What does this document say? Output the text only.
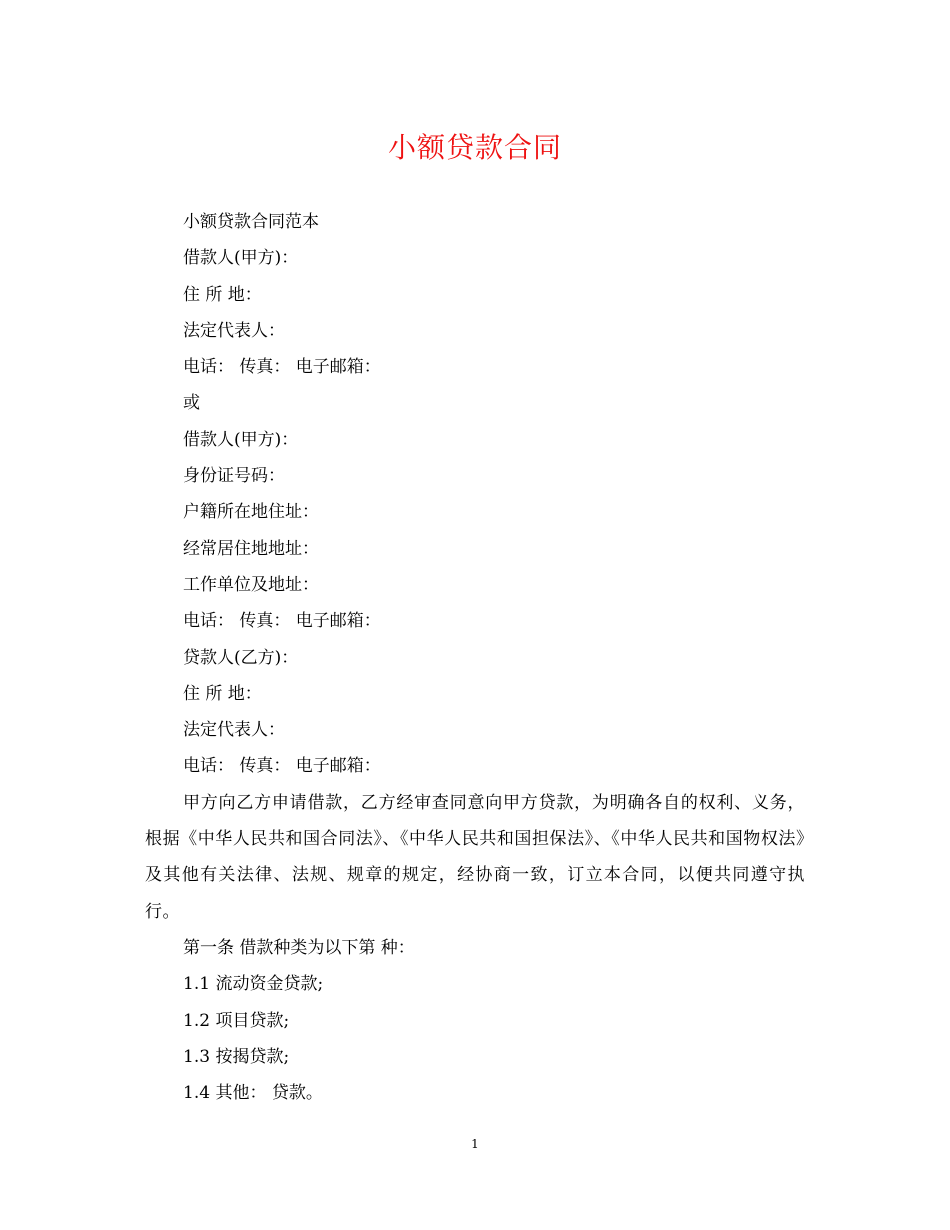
小额贷款合同
小额贷款合同范本
借款人(甲方)：
住 所 地：
法定代表人：
电话： 传真： 电子邮箱：
或
借款人(甲方)：
身份证号码：
户籍所在地住址：
经常居住地地址：
工作单位及地址：
电话： 传真： 电子邮箱：
贷款人(乙方)：
住 所 地：
法定代表人：
电话： 传真： 电子邮箱：

甲方向乙方申请借款，乙方经审查同意向甲方贷款，为明确各自的权利、义务，根据《中华人民共和国合同法》、《中华人民共和国担保法》、《中华人民共和国物权法》及其他有关法律、法规、规章的规定，经协商一致，订立本合同，以便共同遵守执行。

第一条 借款种类为以下第 种：
1.1 流动资金贷款;
1.2 项目贷款;
1.3 按揭贷款;
1.4 其他： 贷款。
1
